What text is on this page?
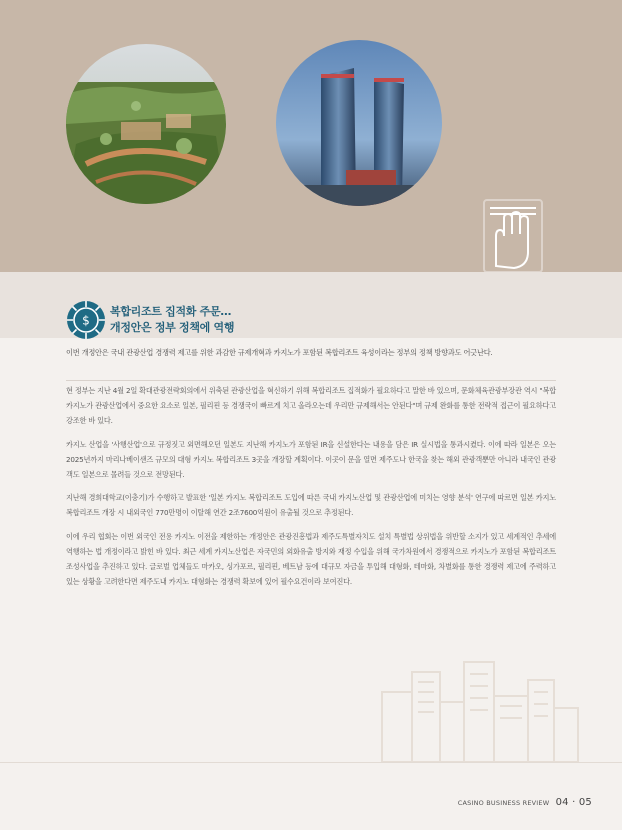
$
복합리조트 집적화 주문…
개정안은 정부 정책에 역행
이번 개정안은 국내 관광산업 경쟁력 제고를 위한 과감한 규제개혁과 카지노가 포함된 복합리조트 육성이라는 정부의 정책 방향과도 어긋난다.

현 정부는 지난 4월 2일 확대관광전략회의에서 위축된 관광산업을 혁신하기 위해 복합리조트 집적화가 필요하다고 말한 바 있으며, 문화체육관광부장관 역시 "복합카지노가 관광산업에서 중요한 요소로 일본, 필리핀 등 경쟁국이 빠르게 치고 올라오는데 우리만 규제해서는 안된다"며 규제 완화를 통한 전략적 접근이 필요하다고 강조한 바 있다.

카지노 산업을 '사행산업'으로 규정짓고 외면해오던 일본도 지난해 카지노가 포함된 IR을 신설한다는 내용을 담은 IR 실시법을 통과시켰다. 이에 따라 일본은 오는 2025년까지 마리나베이샌즈 규모의 대형 카지노 복합리조트 3곳을 개장할 계획이다. 이곳이 문을 열면 제주도나 한국을 찾는 해외 관광객뿐만 아니라 내국인 관광객도 일본으로 몰려들 것으로 전망된다.

지난해 경희대학교(이충기)가 수행하고 발표한 '일본 카지노 복합리조트 도입에 따른 국내 카지노산업 및 관광산업에 미치는 영향 분석' 연구에 따르면 일본 카지노 복합리조트 개장 시 내외국인 770만명이 이탈해 연간 2조7600억원이 유출될 것으로 추정된다.

이에 우리 협회는 이번 외국인 전용 카지노 이전을 제한하는 개정안은 관광진흥법과 제주도특별자치도 설치 특별법 상위법을 위반할 소지가 있고 세계적인 추세에 역행하는 법 개정이라고 밝힌 바 있다. 최근 세계 카지노산업은 자국민의 외화유출 방지와 재정 수입을 위해 국가차원에서 경쟁적으로 카지노가 포함된 복합리조트 조성사업을 추진하고 있다. 글로벌 업체들도 마카오, 싱가포르, 필리핀, 베트남 등에 대규모 자금을 투입해 대형화, 테마화, 차별화를 통한 경쟁력 제고에 주력하고 있는 상황을 고려한다면 제주도내 카지노 대형화는 경쟁력 확보에 있어 필수요건이라 보여진다.

CASINO BUSINESS REVIEW 04 · 05
